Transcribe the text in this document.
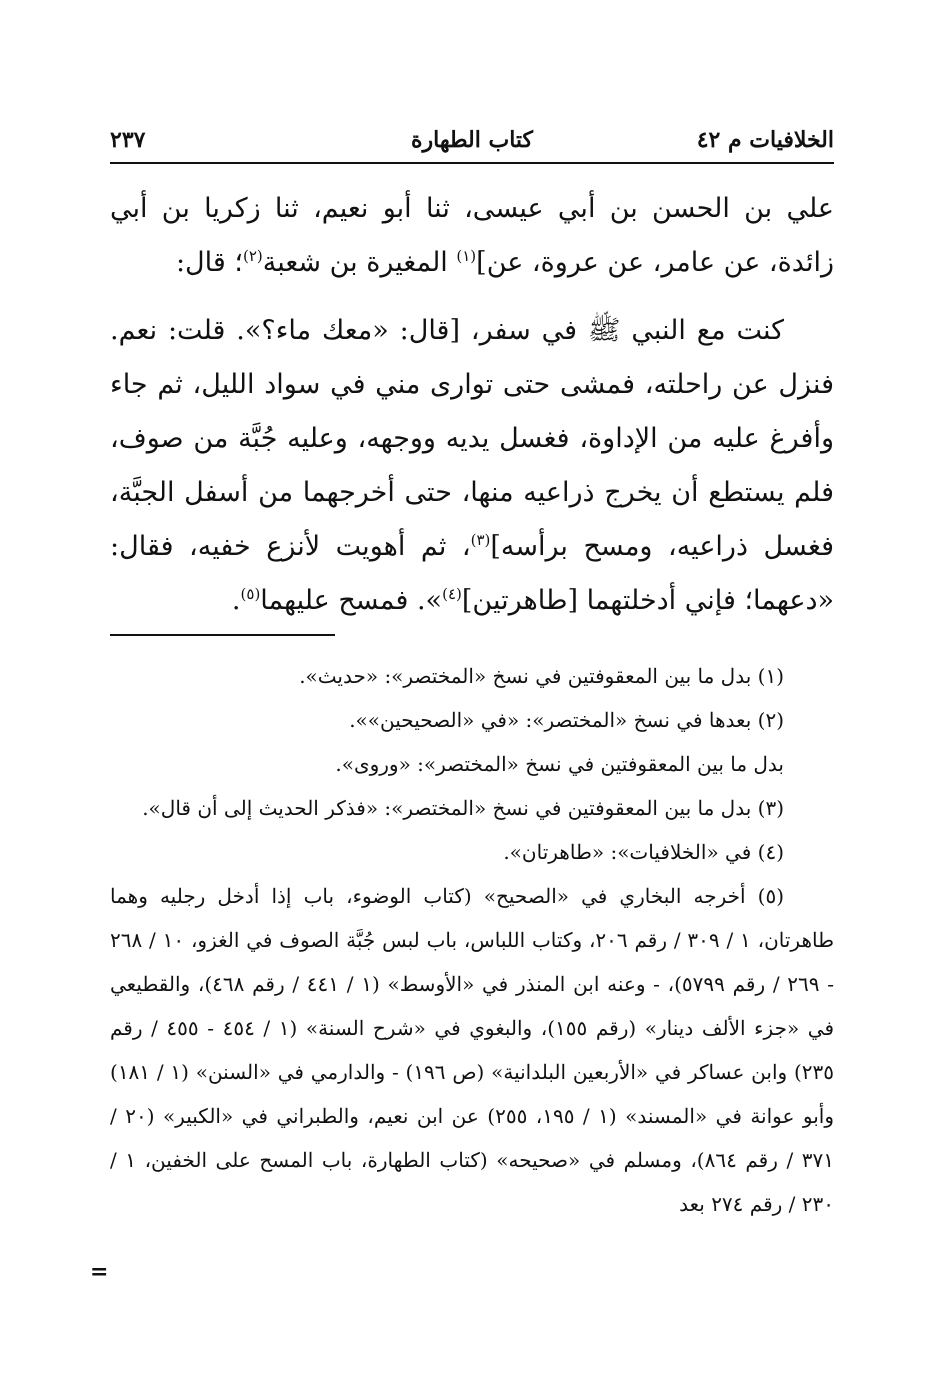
الخلافيات م ٤٢
كتاب الطهارة
٢٣٧

علي بن الحسن بن أبي عيسى، ثنا أبو نعيم، ثنا زكريا بن أبي زائدة، عن عامر، عن عروة، عن]$^{(١)}$ المغيرة بن شعبة$^{(٢)}$؛ قال:

كنت مع النبي ﷺ في سفر، [قال: «معك ماء؟». قلت: نعم. فنزل عن راحلته، فمشى حتى توارى مني في سواد الليل، ثم جاء وأفرغ عليه من الإداوة، فغسل يديه ووجهه، وعليه جُبَّة من صوف، فلم يستطع أن يخرج ذراعيه منها، حتى أخرجهما من أسفل الجبَّة، فغسل ذراعيه، ومسح برأسه]$^{(٣)}$، ثم أهويت لأنزع خفيه، فقال: «دعهما؛ فإني أدخلتهما [طاهرتين]$^{(٤)}$». فمسح عليهما$^{(٥)}$.

(١) بدل ما بين المعقوفتين في نسخ «المختصر»: «حديث».

(٢) بعدها في نسخ «المختصر»: «في «الصحيحين»».

بدل ما بين المعقوفتين في نسخ «المختصر»: «وروى».

(٣) بدل ما بين المعقوفتين في نسخ «المختصر»: «فذكر الحديث إلى أن قال».

(٤) في «الخلافيات»: «طاهرتان».

(٥) أخرجه البخاري في «الصحيح» (كتاب الوضوء، باب إذا أدخل رجليه وهما طاهرتان، ١ / ٣٠٩ / رقم ٢٠٦، وكتاب اللباس، باب لبس جُبَّة الصوف في الغزو، ١٠ / ٢٦٨ - ٢٦٩ / رقم ٥٧٩٩)، - وعنه ابن المنذر في «الأوسط» (١ / ٤٤١ / رقم ٤٦٨)، والقطيعي في «جزء الألف دينار» (رقم ١٥٥)، والبغوي في «شرح السنة» (١ / ٤٥٤ - ٤٥٥ / رقم ٢٣٥) وابن عساكر في «الأربعين البلدانية» (ص ١٩٦) - والدارمي في «السنن» (١ / ١٨١) وأبو عوانة في «المسند» (١ / ١٩٥، ٢٥٥) عن ابن نعيم، والطبراني في «الكبير» (٢٠ / ٣٧١ / رقم ٨٦٤)، ومسلم في «صحيحه» (كتاب الطهارة، باب المسح على الخفين، ١ / ٢٣٠ / رقم ٢٧٤ بعد

=
